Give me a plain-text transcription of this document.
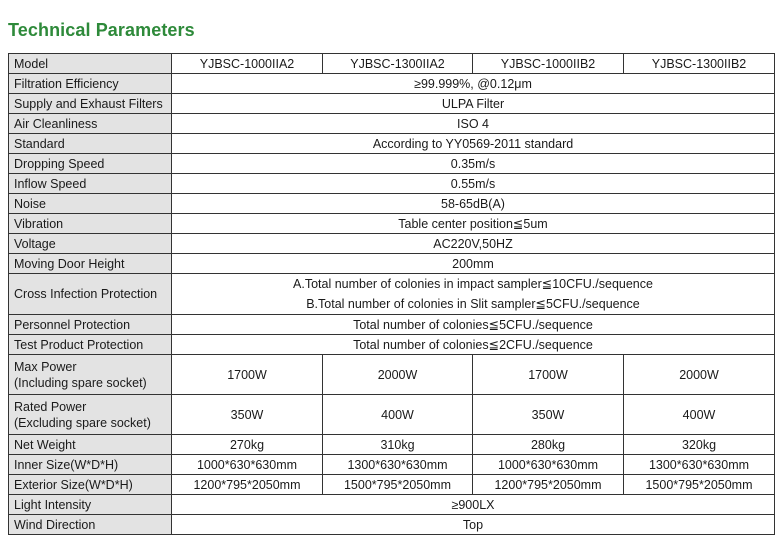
Technical Parameters
Model	YJBSC-1000IIA2	YJBSC-1300IIA2	YJBSC-1000IIB2	YJBSC-1300IIB2
Filtration Efficiency	≥99.999%, @0.12μm			
Supply and Exhaust Filters	ULPA Filter			
Air Cleanliness	ISO 4			
Standard	According to YY0569-2011 standard			
Dropping Speed	0.35m/s			
Inflow Speed	0.55m/s			
Noise	58-65dB(A)			
Vibration	Table center position≦5um			
Voltage	AC220V,50HZ			
Moving Door Height	200mm			
Cross Infection Protection	A.Total number of colonies in impact sampler≦10CFU./sequence
B.Total number of colonies in Slit sampler≦5CFU./sequence			

Personnel Protection	Total number of colonies≦5CFU./sequence			
Test Product Protection	Total number of colonies≦2CFU./sequence			

Max Power
(Including spare socket)	1700W	2000W	1700W	2000W

Rated Power
(Excluding spare socket)	350W	400W	350W	400W
Net Weight	270kg	310kg	280kg	320kg
Inner Size(W*D*H)	1000*630*630mm	1300*630*630mm	1000*630*630mm	1300*630*630mm
Exterior Size(W*D*H)	1200*795*2050mm	1500*795*2050mm	1200*795*2050mm	1500*795*2050mm
Light Intensity	≥900LX			
Wind Direction	Top			
